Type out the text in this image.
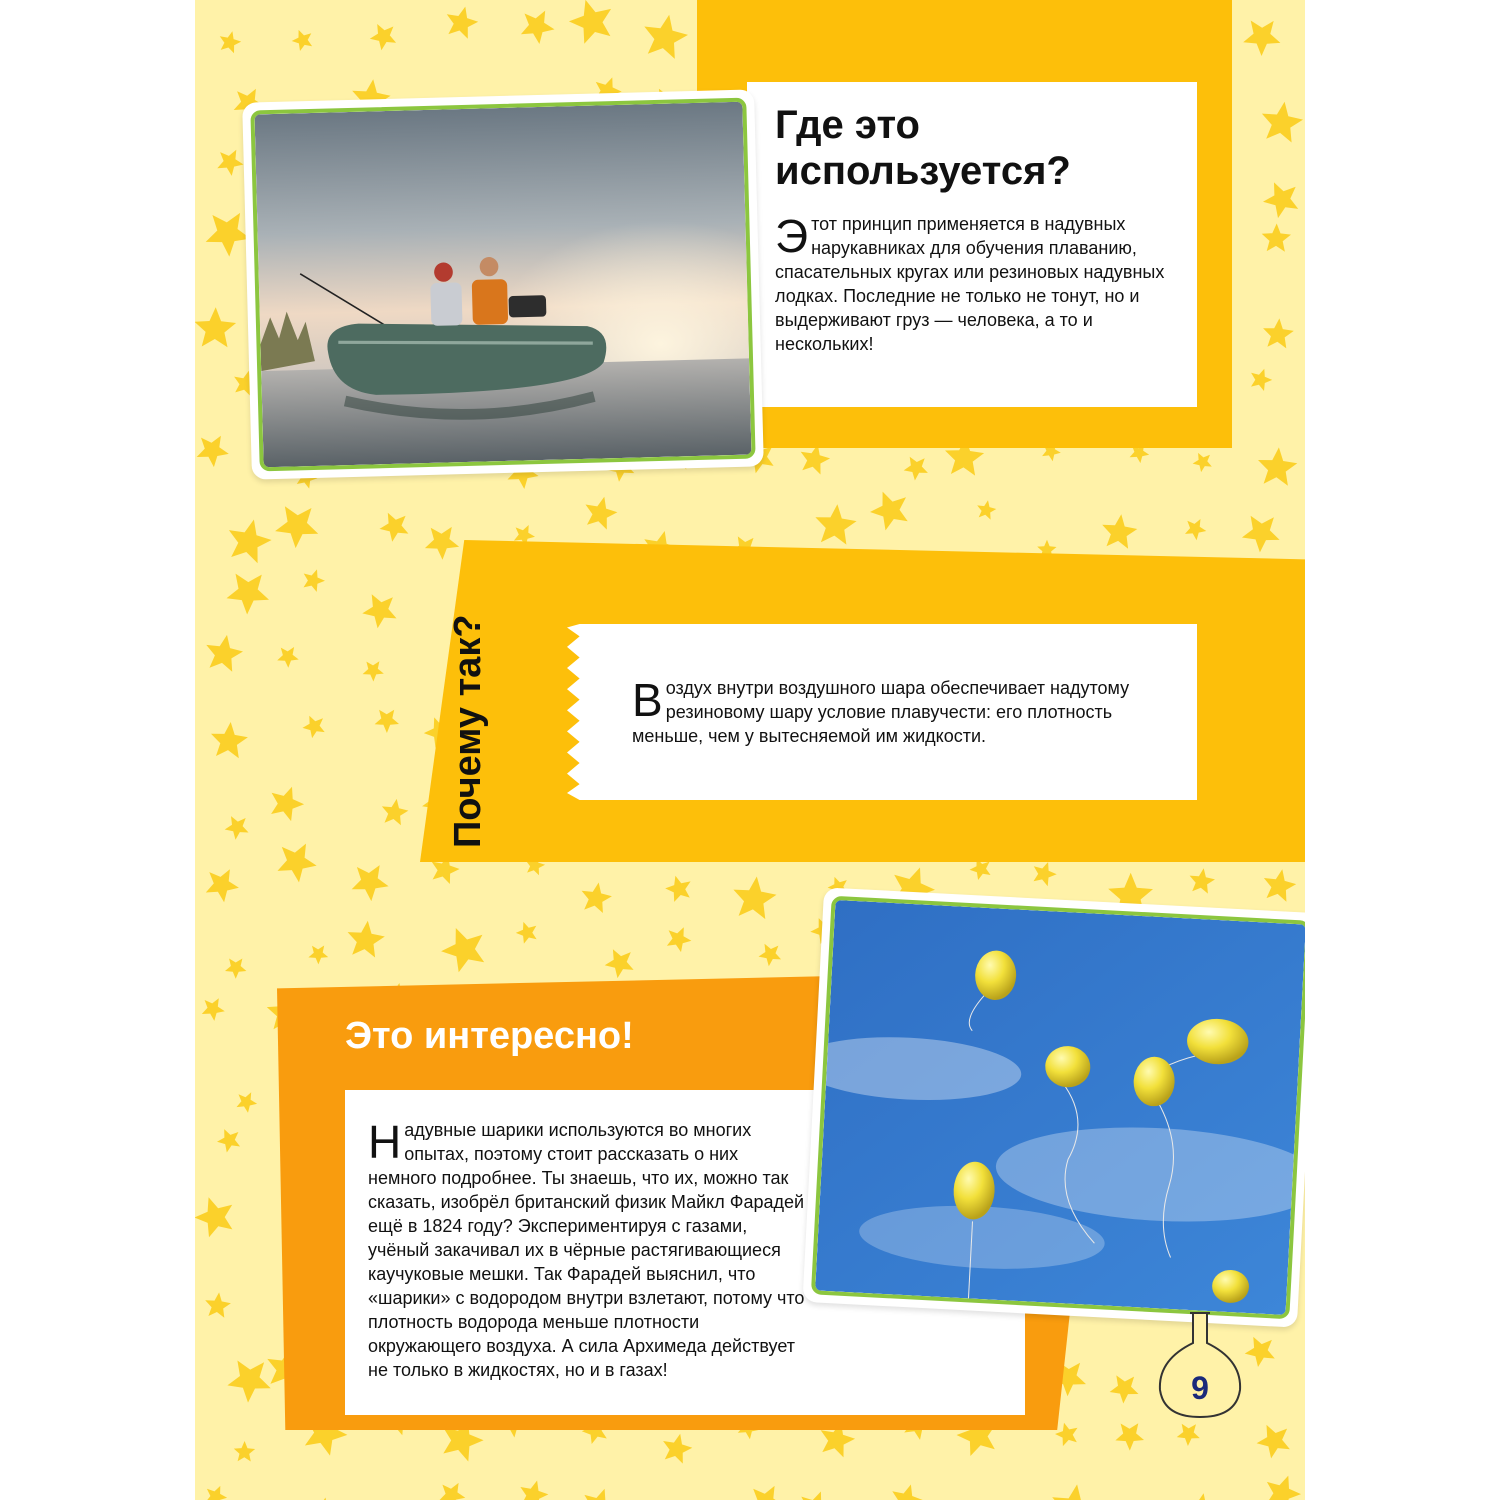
Где это используется?

Этот принцип применяется в надувных нарукавниках для обучения плаванию, спасательных кругах или резиновых надувных лодках. Последние не только не тонут, но и выдерживают груз — человека, а то и нескольких!

Почему так?	Воздух внутри воздушного шара обеспечивает надутому резиновому шару условие плавучести: его плотность меньше, чем у вытесняемой им жидкости.

Это интересно!

Надувные шарики используются во многих опытах, поэтому стоит рассказать о них немного подробнее. Ты знаешь, что их, можно так сказать, изобрёл британский физик Майкл Фарадей ещё в 1824 году? Экспериментируя с газами, учёный закачивал их в чёрные растягивающиеся каучуковые мешки. Так Фарадей выяснил, что «шарики» с водородом внутри взлетают, потому что плотность водорода меньше плотности окружающего воздуха. А сила Архимеда действует не только в жидкостях, но и в газах!	9
